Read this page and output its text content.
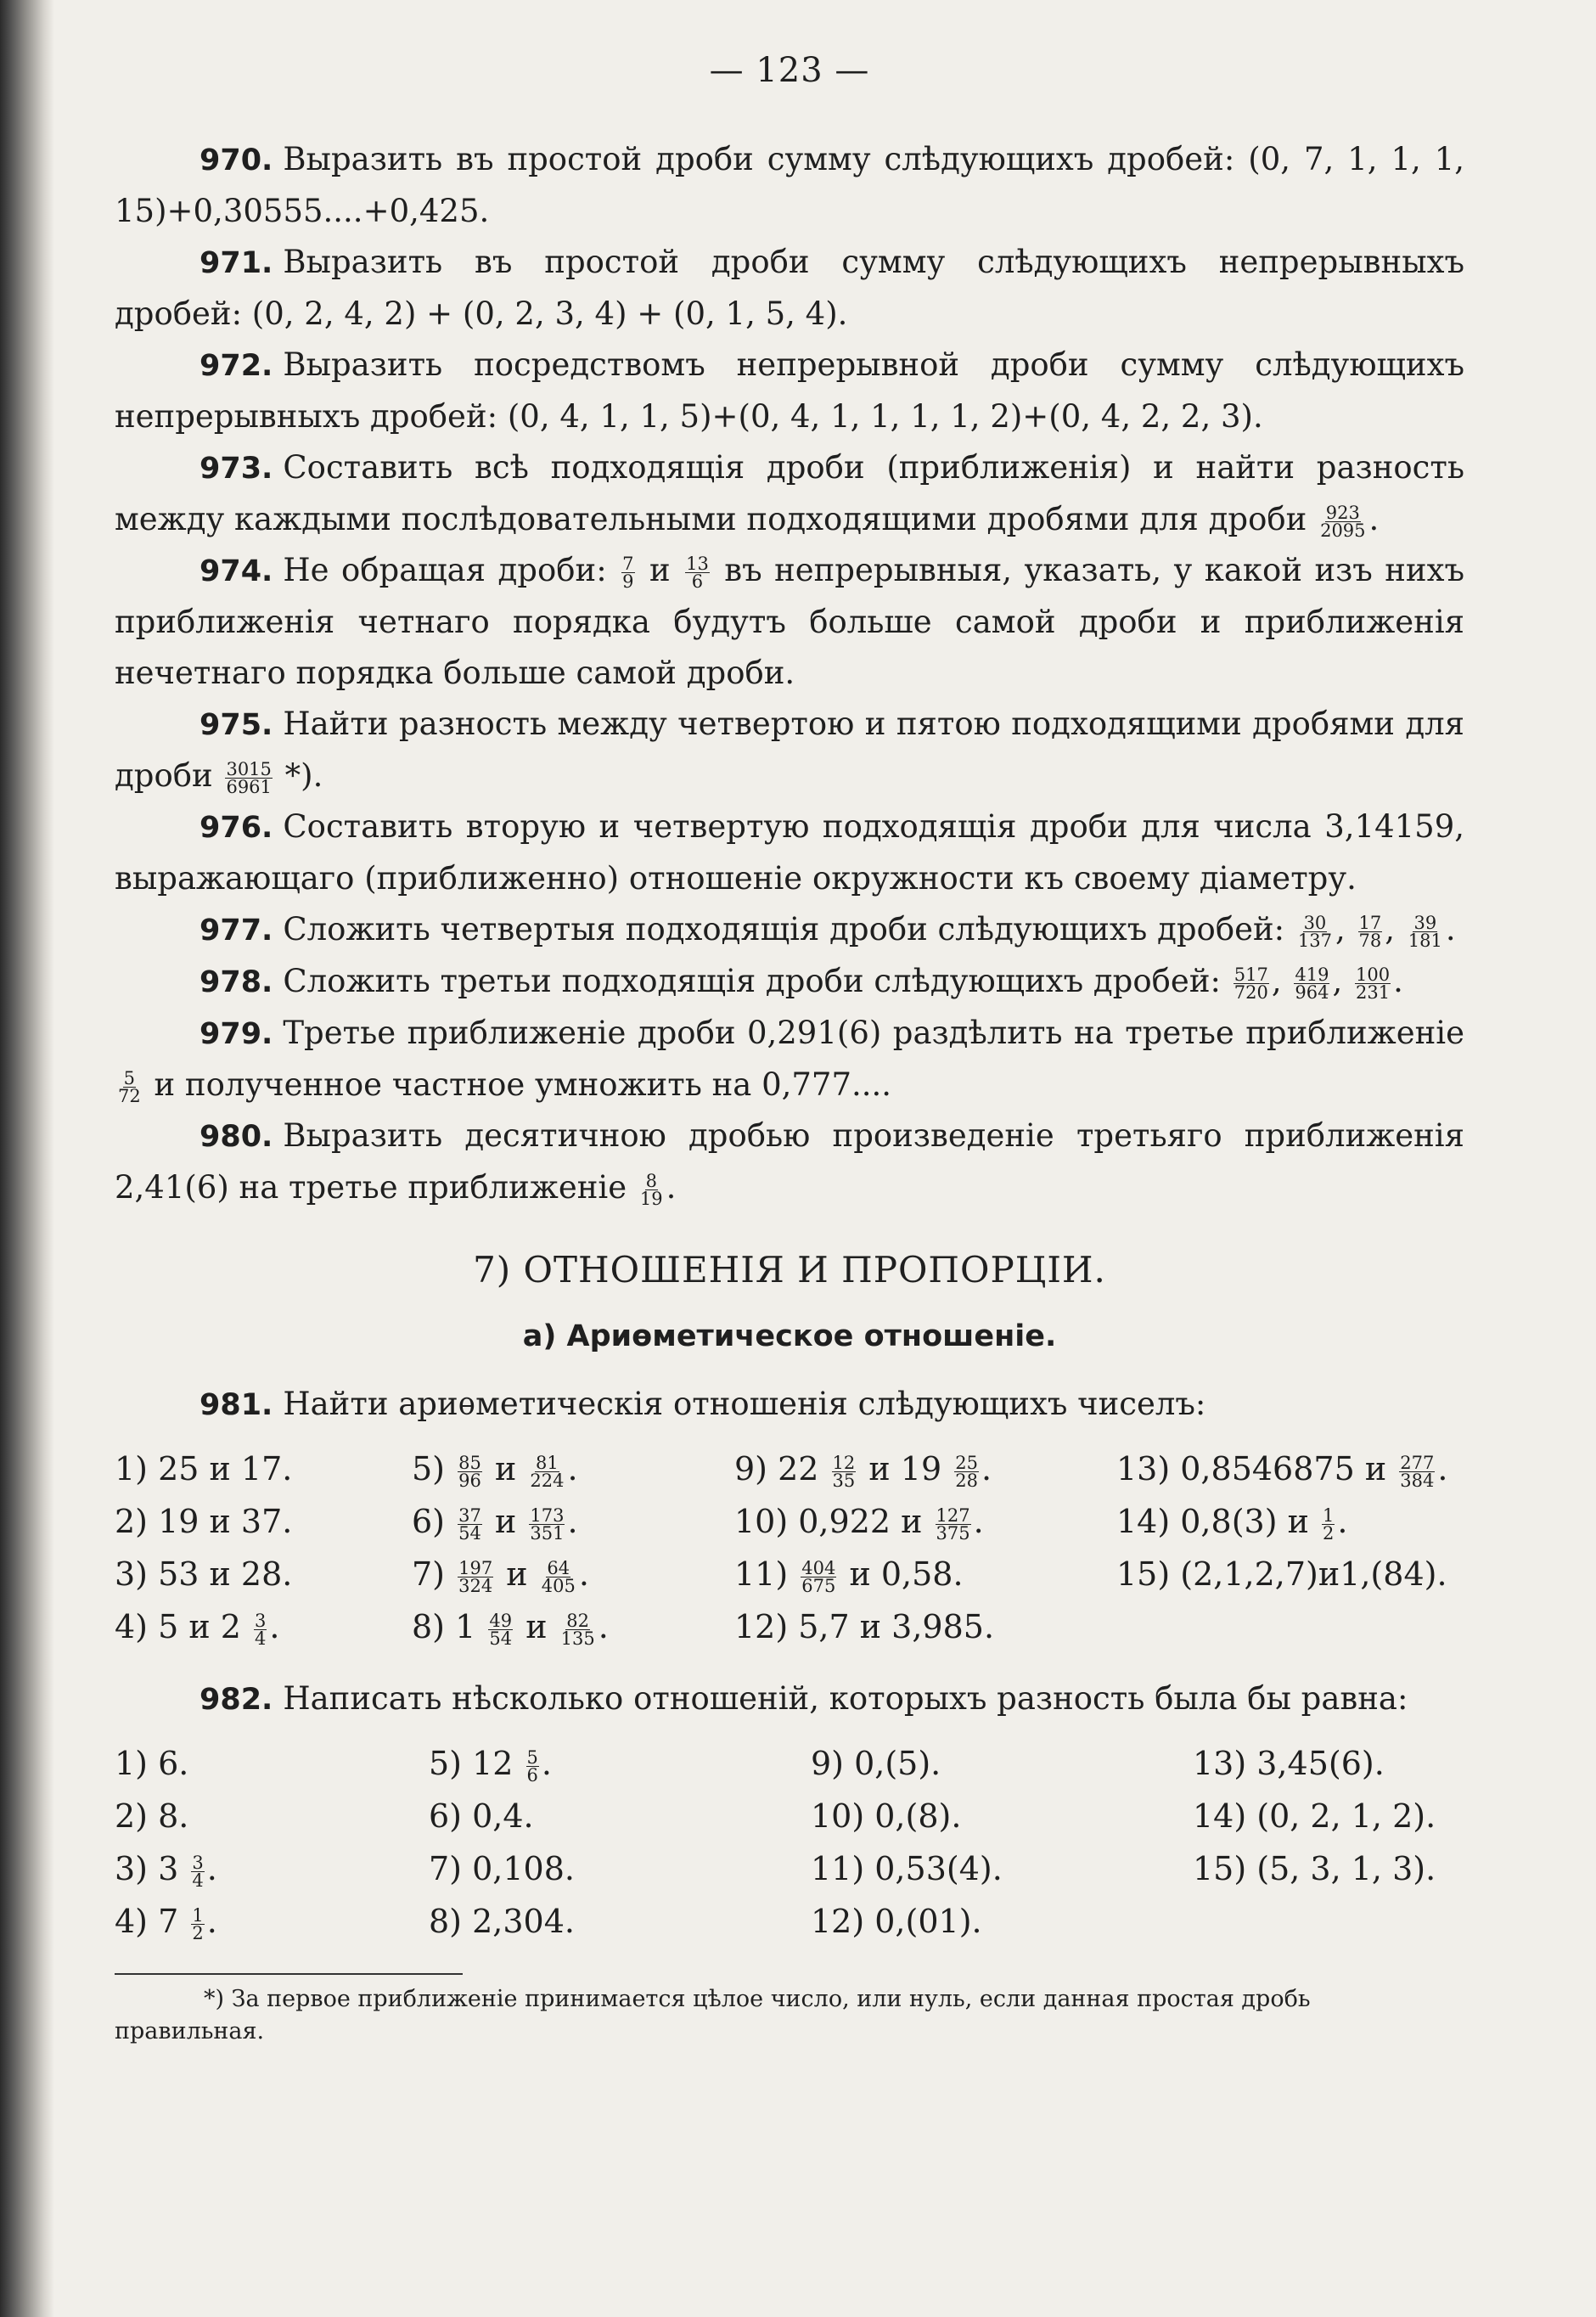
— 123 —

970. Выразить въ простой дроби сумму слѣдующихъ дробей: (0, 7, 1, 1, 1, 15)+0,30555....+0,425.

971. Выразить въ простой дроби сумму слѣдующихъ непрерывныхъ дробей: (0, 2, 4, 2) + (0, 2, 3, 4) + (0, 1, 5, 4).

972. Выразить посредствомъ непрерывной дроби сумму слѣдующихъ непрерывныхъ дробей: (0, 4, 1, 1, 5)+(0, 4, 1, 1, 1, 1, 2)+(0, 4, 2, 2, 3).

973. Составить всѣ подходящія дроби (приближенія) и найти разность между каждыми послѣдовательными подходящими дробями для дроби $\frac{923}{2095}$ .

974. Не обращая дроби: $\frac{7}{9}$ и $\frac{13}{6}$ въ непрерывныя, указать, у какой изъ нихъ приближенія четнаго порядка будутъ больше самой дроби и приближенія нечетнаго порядка больше самой дроби.

975. Найти разность между четвертою и пятою подходящими дробями для дроби $\frac{3015}{6961}$ *).

976. Составить вторую и четвертую подходящія дроби для числа 3,14159, выражающаго (приближенно) отношеніе окружности къ своему діаметру.

977. Сложить четвертыя подходящія дроби слѣдующихъ дробей: $\frac{30}{137}$ , $\frac{17}{78}$ , $\frac{39}{181}$ .

978. Сложить третьи подходящія дроби слѣдующихъ дробей: $\frac{517}{720}$ , $\frac{419}{964}$ , $\frac{100}{231}$ .

979. Третье приближеніе дроби 0,291(6) раздѣлить на третье приближеніе
$\frac{5}{72}$ и полученное частное умножить на 0,777....

980. Выразить десятичною дробью произведеніе третьяго приближенія 2,41(6) на третье приближеніе $\frac{8}{19}$ .

7) ОТНОШЕНІЯ И ПРОПОРЦІИ.
а) Ариѳметическое отношеніе.

981. Найти ариѳметическія отношенія слѣдующихъ чиселъ:

1) 25 и 17.	$5) \frac{85}{96}$ и $\frac{81}{224}$ .	9) $22 \frac{12}{35}$ и $19 \frac{25}{28}$ .	13) 0,8546875 и $\frac{277}{384}$ .
2) 19 и 37.	$6) \frac{37}{54}$ и $\frac{173}{351}$ .	10) 0,922 и $\frac{127}{375}$ .	14) 0,8(3) и $\frac{1}{2}$ .
3) 53 и 28.	$7) \frac{197}{324}$ и $\frac{64}{405}$ .	$11) \frac{404}{675}$ и 0,58.	15) (2,1,2,7)и1,(84).
4) 5 и $2 \frac{3}{4}$ .	8) $1 \frac{49}{54}$ и $\frac{82}{135}$ .	12) 5,7 и 3,985.

982. Написать нѣсколько отношеній, которыхъ разность была бы равна:

1) 6.	5) $12 \frac{5}{6}$ .	9) 0,(5).	13) 3,45(6).
2) 8.	6) 0,4.	10) 0,(8).	14) (0, 2, 1, 2).
3) $3 \frac{3}{4}$ .	7) 0,108.	11) 0,53(4).	15) (5, 3, 1, 3).
4) $7 \frac{1}{2}$ .	8) 2,304.	12) 0,(01).
*) За первое приближеніе принимается цѣлое число, или нуль, если данная простая дробь правильная.
